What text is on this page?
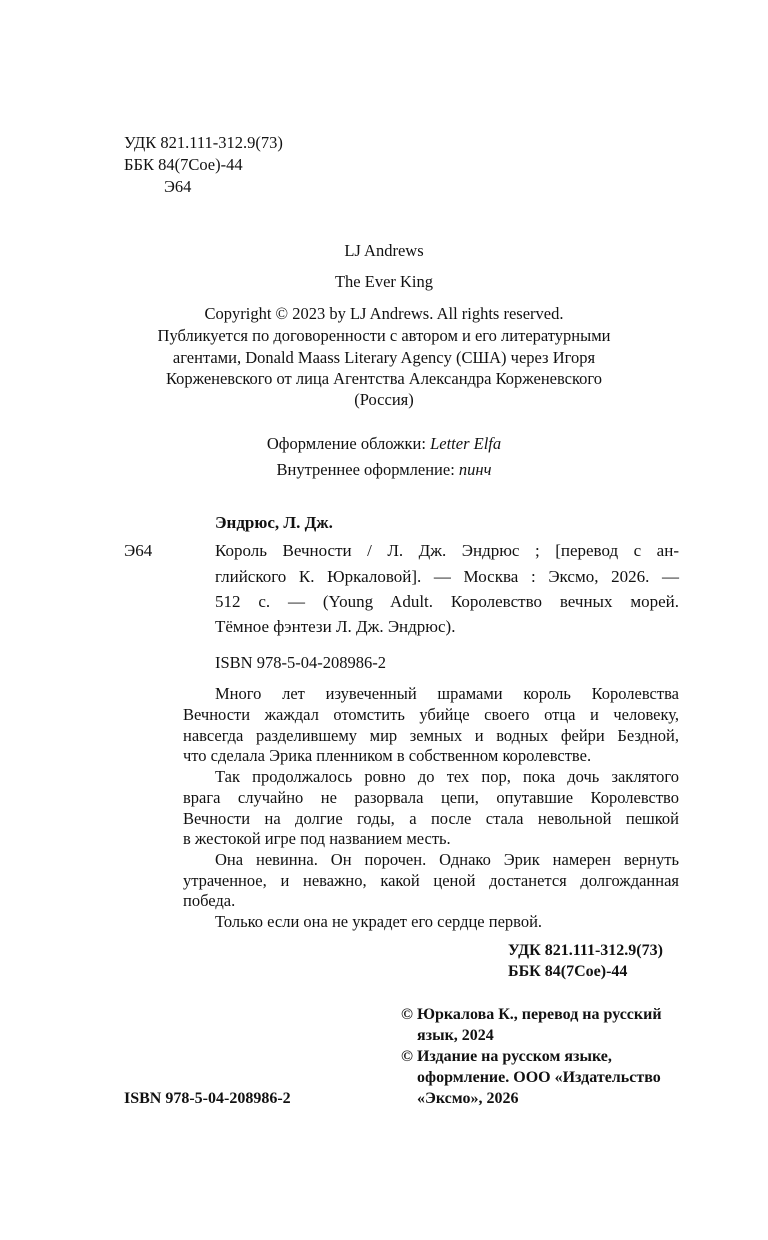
УДК 821.111-312.9(73)
ББК 84(7Сое)-44
Э64
LJ Andrews
The Ever King
Copyright © 2023 by LJ Andrews. All rights reserved.
Публикуется по договоренности с автором и его литературными
агентами, Donald Maass Literary Agency (США) через Игоря
Корженевского от лица Агентства Александра Корженевского
(Россия)
Оформление обложки: Letter Elfa
Внутреннее оформление: пинч
Эндрюс, Л. Дж.
Э64	Король Вечности / Л. Дж. Эндрюс ; [перевод с ан-
глийского К. Юркаловой]. — Москва : Эксмо, 2026. —
512 с. — (Young Adult. Королевство вечных морей.
Тёмное фэнтези Л. Дж. Эндрюс).
ISBN 978-5-04-208986-2
Много лет изувеченный шрамами король Королевства
Вечности жаждал отомстить убийце своего отца и человеку,
навсегда разделившему мир земных и водных фейри Бездной,
что сделала Эрика пленником в собственном королевстве.
Так продолжалось ровно до тех пор, пока дочь заклятого
врага случайно не разорвала цепи, опутавшие Королевство
Вечности на долгие годы, а после стала невольной пешкой
в жестокой игре под названием месть.
Она невинна. Он порочен. Однако Эрик намерен вернуть
утраченное, и неважно, какой ценой достанется долгожданная
победа.
Только если она не украдет его сердце первой.
УДК 821.111-312.9(73)
ББК 84(7Сое)-44
© Юркалова К., перевод на русский
язык, 2024
© Издание на русском языке,
оформление. ООО «Издательство
«Эксмо», 2026
ISBN 978-5-04-208986-2
